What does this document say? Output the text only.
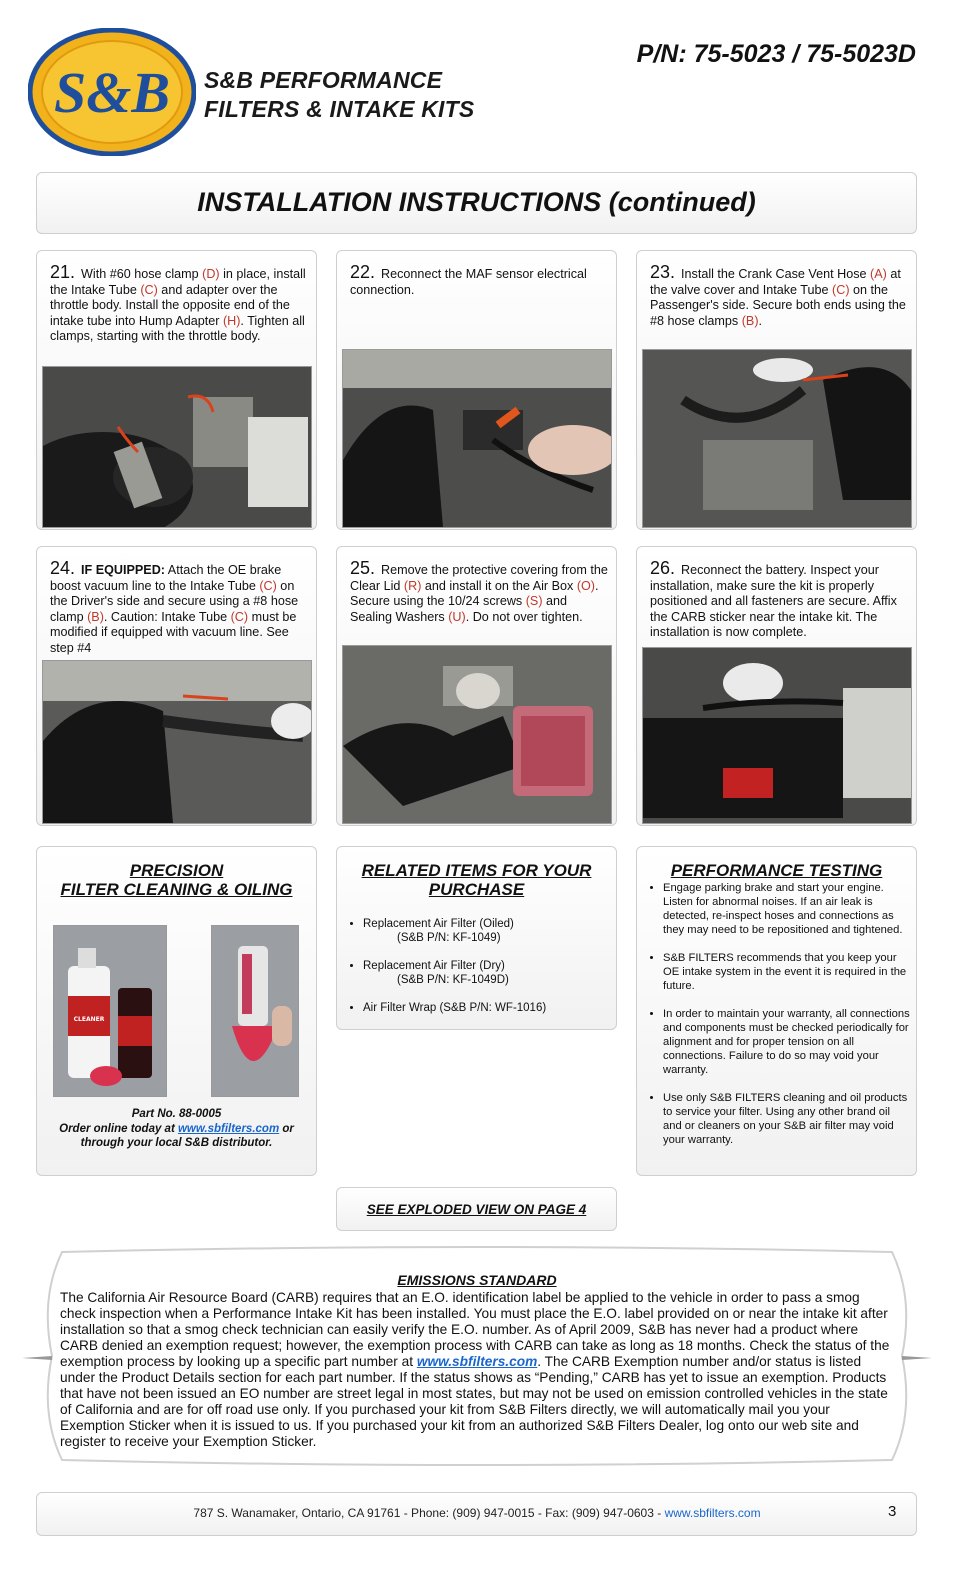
S&B S&B PERFORMANCE
FILTERS & INTAKE KITS
P/N: 75-5023 / 75-5023D
INSTALLATION INSTRUCTIONS (continued)
21. With #60 hose clamp (D) in place, install the Intake Tube (C) and adapter over the throttle body. Install the opposite end of the intake tube into Hump Adapter (H). Tighten all clamps, starting with the throttle body.
22. Reconnect the MAF sensor electrical connection.
23. Install the Crank Case Vent Hose (A) at the valve cover and Intake Tube (C) on the Passenger's side. Secure both ends using the #8 hose clamps (B).
24. IF EQUIPPED: Attach the OE brake boost vacuum line to the Intake Tube (C) on the Driver's side and secure using a #8 hose clamp (B). Caution: Intake Tube (C) must be modified if equipped with vacuum line. See step #4
25. Remove the protective covering from the Clear Lid (R) and install it on the Air Box (O). Secure using the 10/24 screws (S) and Sealing Washers (U). Do not over tighten.
26. Reconnect the battery. Inspect your installation, make sure the kit is properly positioned and all fasteners are secure. Affix the CARB sticker near the intake kit. The installation is now complete.
PRECISION
FILTER CLEANING & OILING
CLEANER
Part No. 88-0005
Order online today at www.sbfilters.com or
through your local S&B distributor.
RELATED ITEMS FOR YOUR
PURCHASE
• Replacement Air Filter (Oiled)
(S&B P/N: KF-1049)
• Replacement Air Filter (Dry)
(S&B P/N: KF-1049D)
• Air Filter Wrap (S&B P/N: WF-1016)
PERFORMANCE TESTING
• Engage parking brake and start your engine. Listen for abnormal noises. If an air leak is detected, re-inspect hoses and connections as they may need to be repositioned and tightened.
• S&B FILTERS recommends that you keep your OE intake system in the event it is required in the future.
• In order to maintain your warranty, all connections and components must be checked periodically for alignment and for proper tension on all connections. Failure to do so may void your warranty.
• Use only S&B FILTERS cleaning and oil products to service your filter. Using any other brand oil and or cleaners on your S&B air filter may void your warranty.
SEE EXPLODED VIEW ON PAGE 4
EMISSIONS STANDARD
The California Air Resource Board (CARB) requires that an E.O. identification label be applied to the vehicle in order to pass a smog check inspection when a Performance Intake Kit has been installed. You must place the E.O. label provided on or near the intake kit after installation so that a smog check technician can easily verify the E.O. number. As of April 2009, S&B has never had a product where CARB denied an exemption request; however, the exemption process with CARB can take as long as 18 months. Check the status of the exemption process by looking up a specific part number at www.sbfilters.com. The CARB Exemption number and/or status is listed under the Product Details section for each part number. If the status shows as “Pending,” CARB has yet to issue an exemption. Products that have not been issued an EO number are street legal in most states, but may not be used on emission controlled vehicles in the state of California and are for off road use only. If you purchased your kit from S&B Filters directly, we will automatically mail you your Exemption Sticker when it is issued to us. If you purchased your kit from an authorized S&B Filters Dealer, log onto our web site and register to receive your Exemption Sticker.
787 S. Wanamaker, Ontario, CA 91761 - Phone: (909) 947-0015 - Fax: (909) 947-0603 - www.sbfilters.com	3
